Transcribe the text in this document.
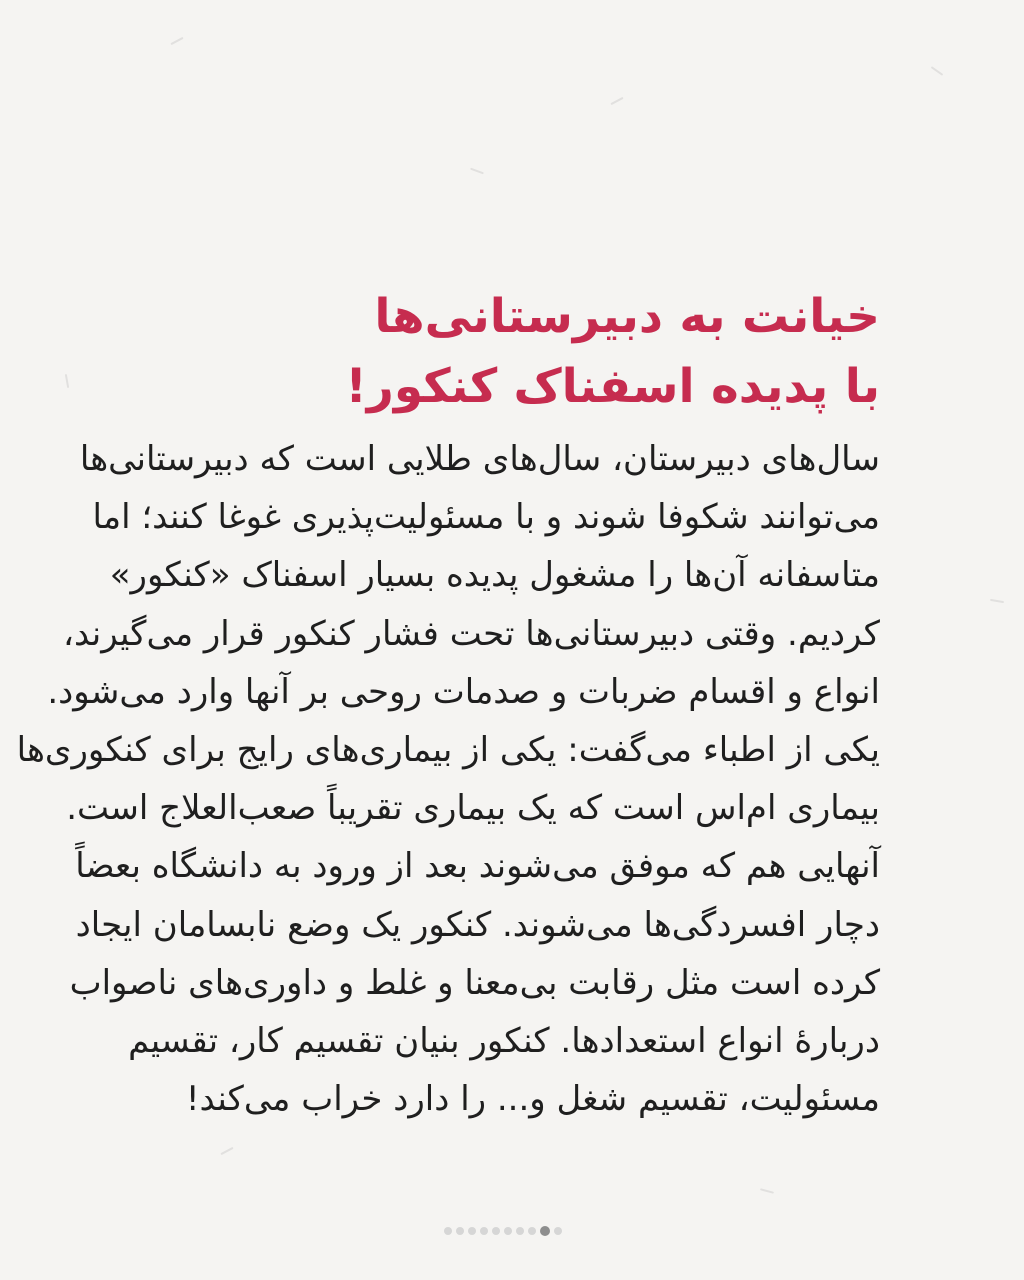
خیانت به دبیرستانی‌ها
با پدیده اسفناک کنکور!

سال‌های دبیرستان، سال‌های طلایی است که دبیرستانی‌ها
می‌توانند شکوفا شوند و با مسئولیت‌پذیری غوغا کنند؛ اما
متاسفانه آن‌ها را مشغول پدیده بسیار اسفناک «کنکور»
کردیم. وقتی دبیرستانی‌ها تحت فشار کنکور قرار می‌گیرند،
انواع و اقسام ضربات و صدمات روحی بر آنها وارد می‌شود.
یکی از اطباء می‌گفت: یکی از بیماری‌های رایج برای کنکوری‌ها
بیماری ام‌اس است که یک بیماری تقریباً صعب‌العلاج است.
آنهایی هم که موفق می‌شوند بعد از ورود به دانشگاه بعضاً
دچار افسردگی‌ها می‌شوند. کنکور یک وضع نابسامان ایجاد
کرده است مثل رقابت بی‌معنا و غلط و داوری‌های ناصواب
دربارهٔ انواع استعدادها. کنکور بنیان تقسیم کار، تقسیم
مسئولیت، تقسیم شغل و... را دارد خراب می‌کند!
